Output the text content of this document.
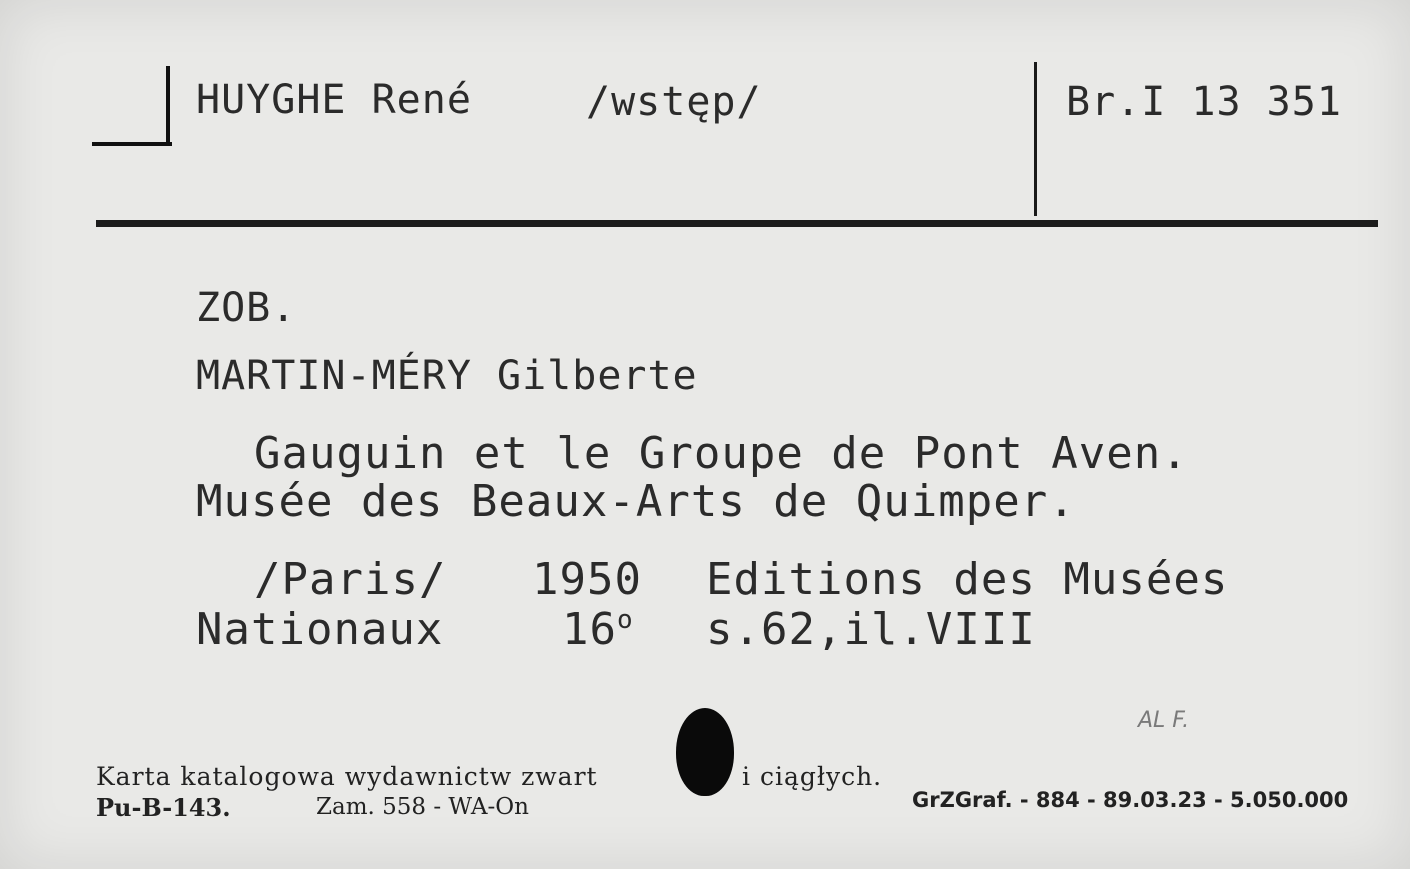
HUYGHE René	/wstęp/	Br.I 13 351
ZOB.
MARTIN-MÉRY Gilberte
Gauguin et le Groupe de Pont Aven.
Musée des Beaux-Arts de Quimper.
/Paris/ 1950 Editions des Musées
Nationaux	16$^o$ s.62,il.VIII
AL F.
Karta katalogowa wydawnictw zwart	i ciągłych.
Pu-B-143.	Zam. 558 - WA-On	GrZGraf. - 884 - 89.03.23 - 5.050.000
